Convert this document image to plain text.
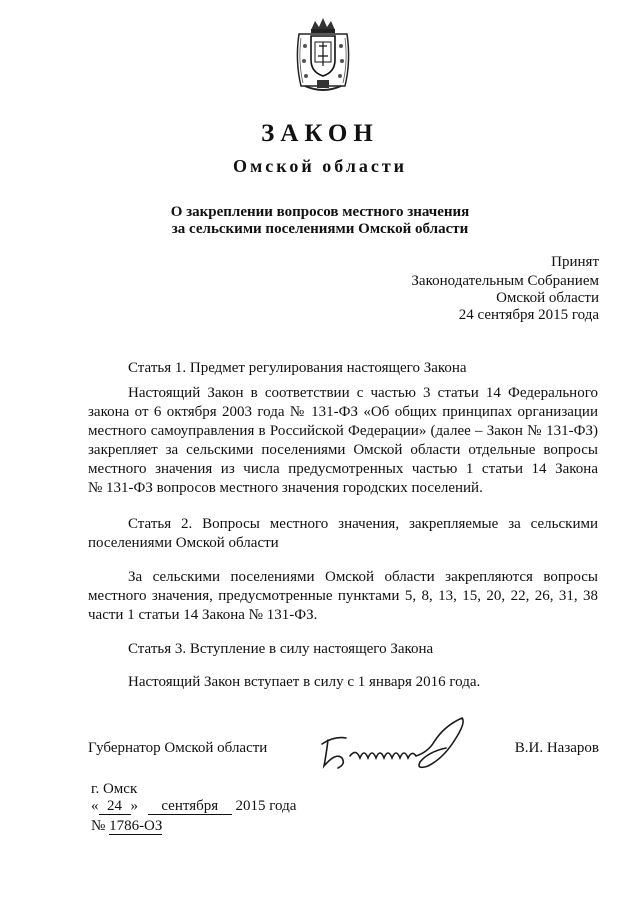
ЗАКОН
Омской области
О закреплении вопросов местного значения
за сельскими поселениями Омской области
Принят
Законодательным Собранием
Омской области
24 сентября 2015 года
Статья 1. Предмет регулирования настоящего Закона
Настоящий Закон в соответствии с частью 3 статьи 14 Федерального
закона от 6 октября 2003 года № 131-ФЗ «Об общих принципах организации
местного самоуправления в Российской Федерации» (далее – Закон № 131-ФЗ)
закрепляет за сельскими поселениями Омской области отдельные вопросы
местного значения из числа предусмотренных частью 1 статьи 14 Закона
№ 131-ФЗ вопросов местного значения городских поселений.
Статья 2. Вопросы местного значения, закрепляемые за сельскими
поселениями Омской области
За сельскими поселениями Омской области закрепляются вопросы
местного значения, предусмотренные пунктами 5, 8, 13, 15, 20, 22, 26, 31, 38
части 1 статьи 14 Закона № 131-ФЗ.
Статья 3. Вступление в силу настоящего Закона
Настоящий Закон вступает в силу с 1 января 2016 года.
Губернатор Омской области	В.И. Назаров
г. Омск
« 24 » сентября 2015 года
№ 1786-ОЗ
